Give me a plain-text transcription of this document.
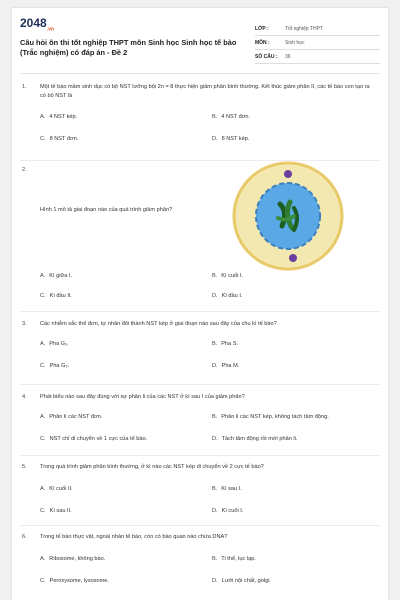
$2048_{.vn}$
Câu hỏi ôn thi tốt nghiệp THPT môn Sinh học Sinh học tế bào (Trắc nghiệm) có đáp án - Đề 2
LỚP :	Tốt nghiệp THPT
MÔN :	Sinh học
SỐ CÂU :	36
1. Một tế bào mầm sinh dục có bộ NST lưỡng bội 2n = 8 thực hiện giảm phân bình thường. Kết thúc giảm phân II, các tế bào con tạo ra có bộ NST là
A. 4 NST kép.	B. 4 NST đơn.
C. 8 NST đơn.	D. 8 NST kép.
2.
Hình 1 mô tả giai đoạn nào của quá trình giảm phân?
A. Kì giữa I.	B. Kì cuối I.
C. Kì đầu II.	D. Kì đầu I.
3. Các nhiễm sắc thể đơn, tự nhân đôi thành NST kép ở giai đoạn nào sau đây của chu kì tế bào?
A. Pha G₁.	B. Pha S.
C. Pha G₂.	D. Pha M.
4. Phát biểu nào sau đây đúng với sự phân li của các NST ở kì sau I của giảm phân?
A. Phân li các NST đơn.	B. Phân li các NST kép, không tách tâm động.
C. NST chỉ di chuyển về 1 cực của tế bào.	D. Tách tâm động rồi mới phân li.
5. Trong quá trình giảm phân bình thường, ở kì nào các NST kép di chuyển về 2 cực tế bào?
A. Kì cuối II.	B. Kì sau I.
C. Kì sau II.	D. Kì cuối I.
6. Trong tế bào thực vật, ngoài nhân tế bào, còn có bào quan nào chứa DNA?
A. Ribosome, không bào.	B. Ti thể, lục lạp.
C. Peroxysome, lysosome.	D. Lưới nội chất, golgi.
